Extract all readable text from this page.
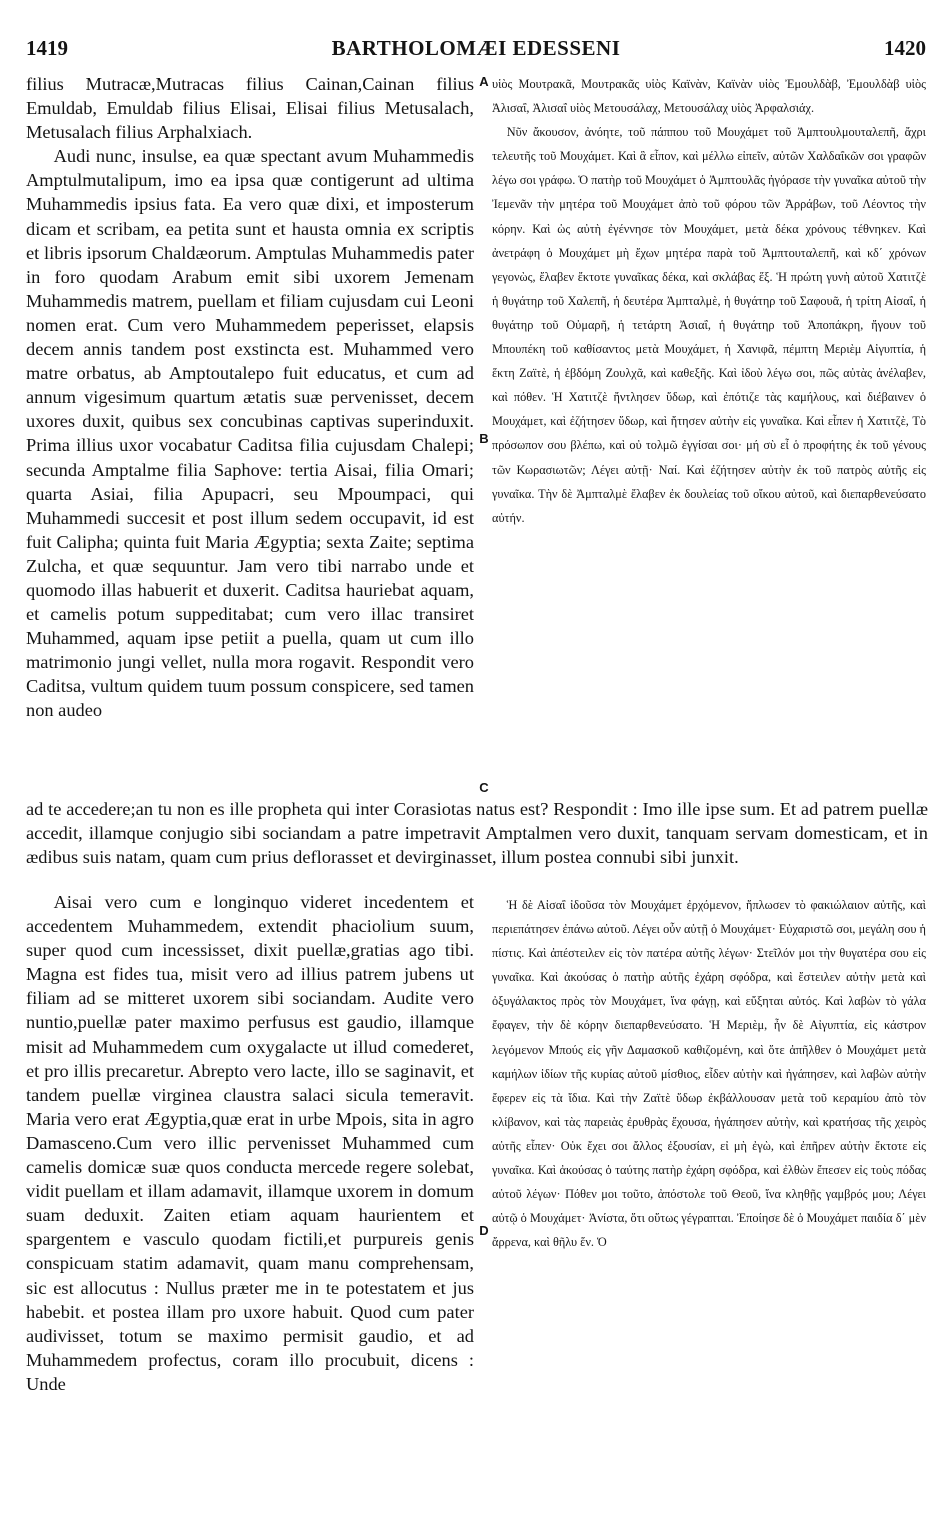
1419	BARTHOLOMÆI EDESSENI	1420

filius Mutracæ,Mutracas filius Cainan,Cainan filius Emuldab, Emuldab filius Elisai, Elisai filius Metusalach, Metusalach filius Arphalxiach.

Audi nunc, insulse, ea quæ spectant avum Muhammedis Amptulmutalipum, imo ea ipsa quæ contigerunt ad ultima Muhammedis ipsius fata. Ea vero quæ dixi, et imposterum dicam et scribam, ea petita sunt et hausta omnia ex scriptis et libris ipsorum Chaldæorum. Amptulas Muhammedis pater in foro quodam Arabum emit sibi uxorem Jemenam Muhammedis matrem, puellam et filiam cujusdam cui Leoni nomen erat. Cum vero Muhammedem peperisset, elapsis decem annis tandem post exstincta est. Muhammed vero matre orbatus, ab Amptoutalepo fuit educatus, et cum ad annum vigesimum quartum ætatis suæ pervenisset, decem uxores duxit, quibus sex concubinas captivas superinduxit. Prima illius uxor vocabatur Caditsa filia cujusdam Chalepi; secunda Amptalme filia Saphove: tertia Aisai, filia Omari; quarta Asiai, filia Apupacri, seu Mpoumpaci, qui Muhammedi succesit et post illum sedem occupavit, id est fuit Calipha; quinta fuit Maria Ægyptia; sexta Zaite; septima Zulcha, et quæ sequuntur. Jam vero tibi narrabo unde et quomodo illas habuerit et duxerit. Caditsa hauriebat aquam, et camelis potum suppeditabat; cum vero illac transiret Muhammed, aquam ipse petiit a puella, quam ut cum illo matrimonio jungi vellet, nulla mora rogavit. Respondit vero Caditsa, vultum quidem tuum possum conspicere, sed tamen non audeo

υἱὸς Μουτρακᾶ, Μουτρακᾶς υἱὸς Καϊνὰν, Καϊνὰν υἱὸς Ἐμουλδὰβ, Ἐμουλδὰβ υἱὸς Ἀλισαΐ, Ἀλισαΐ υἱὸς Μετουσάλαχ, Μετουσάλαχ υἱὸς Ἀρφαλσιάχ.

Νῦν ἄκουσον, ἀνόητε, τοῦ πάππου τοῦ Μουχάμετ τοῦ Ἀμπτουλμουταλεπῆ, ἄχρι τελευτῆς τοῦ Μουχάμετ. Καὶ ἃ εἶπον, καὶ μέλλω εἰπεῖν, αὐτῶν Χαλδαΐκῶν σοι γραφῶν λέγω σοι γράφω. Ὁ πατὴρ τοῦ Μουχάμετ ὁ Ἀμπτουλᾶς ἠγόρασε τὴν γυναῖκα αὐτοῦ τὴν Ἰεμενᾶν τὴν μητέρα τοῦ Μουχάμετ ἀπὸ τοῦ φόρου τῶν Ἀρράβων, τοῦ Λέοντος τὴν κόρην. Καὶ ὡς αὐτὴ ἐγέννησε τὸν Μουχάμετ, μετὰ δέκα χρόνους τέθνηκεν. Καὶ ἀνετράφη ὁ Μουχάμετ μὴ ἔχων μητέρα παρὰ τοῦ Ἀμπτουταλεπῆ, καὶ κδ΄ χρόνων γεγονὼς, ἔλαβεν ἔκτοτε γυναῖκας δέκα, καὶ σκλάβας ἕξ. Ἡ πρώτη γυνὴ αὐτοῦ Χατιτζὲ ἡ θυγάτηρ τοῦ Χαλεπῆ, ἡ δευτέρα Ἀμπταλμὲ, ἡ θυγάτηρ τοῦ Σαφουᾶ, ἡ τρίτη Αἰσαΐ, ἡ θυγάτηρ τοῦ Οὐμαρῆ, ἡ τετάρτη Ἀσιαΐ, ἡ θυγάτηρ τοῦ Ἀποπάκρη, ἤγουν τοῦ Μπουπέκη τοῦ καθίσαντος μετὰ Μουχάμετ, ἡ Χανιφᾶ, πέμπτη Μεριὲμ Αἰγυπτία, ἡ ἕκτη Ζαϊτὲ, ἡ ἑβδόμη Ζουλχᾶ, καὶ καθεξῆς. Καὶ ἰδοὺ λέγω σοι, πῶς αὐτὰς ἀνέλαβεν, καὶ πόθεν. Ἡ Χατιτζὲ ἤντλησεν ὕδωρ, καὶ ἐπότιζε τὰς καμήλους, καὶ διέβαινεν ὁ Μουχάμετ, καὶ ἐζήτησεν ὕδωρ, καὶ ἤτησεν αὐτὴν εἰς γυναῖκα. Καὶ εἶπεν ἡ Χατιτζὲ, Τὸ πρόσωπον σου βλέπω, καὶ οὐ τολμῶ ἐγγίσαι σοι· μή σὺ εἶ ὁ προφήτης ἐκ τοῦ γένους τῶν Κωρασιωτῶν; Λέγει αὐτῇ· Ναί. Καὶ ἐζήτησεν αὐτὴν ἐκ τοῦ πατρὸς αὐτῆς εἰς γυναῖκα. Τὴν δὲ Ἀμπταλμὲ ἔλαβεν ἐκ δουλείας τοῦ οἴκου αὐτοῦ, καὶ διεπαρθενεύσατο αὐτήν.

ad te accedere;an tu non es ille propheta qui inter Corasiotas natus est? Respondit : Imo ille ipse sum. Et ad patrem puellæ accedit, illamque conjugio sibi sociandam a patre impetravit Amptalmen vero duxit, tanquam servam domesticam, et in ædibus suis natam, quam cum prius deflorasset et devirginasset, illum postea connubi sibi junxit.

Aisai vero cum e longinquo videret incedentem et accedentem Muhammedem, extendit phaciolium suum, super quod cum incessisset, dixit puellæ,gratias ago tibi. Magna est fides tua, misit vero ad illius patrem jubens ut filiam ad se mitteret uxorem sibi sociandam. Audite vero nuntio,puellæ pater maximo perfusus est gaudio, illamque misit ad Muhammedem cum oxygalacte ut illud comederet, et pro illis precaretur. Abrepto vero lacte, illo se saginavit, et tandem puellæ virginea claustra salaci sicula temeravit. Maria vero erat Ægyptia,quæ erat in urbe Mpois, sita in agro Damasceno.Cum vero illic pervenisset Muhammed cum camelis domicæ suæ quos conducta mercede regere solebat, vidit puellam et illam adamavit, illamque uxorem in domum suam deduxit. Zaiten etiam aquam haurientem et spargentem e vasculo quodam fictili,et purpureis genis conspicuam statim adamavit, quam manu comprehensam, sic est allocutus : Nullus præter me in te potestatem et jus habebit. et postea illam pro uxore habuit. Quod cum pater audivisset, totum se maximo permisit gaudio, et ad Muhammedem profectus, coram illo procubuit, dicens : Unde

Ἡ δὲ Αἰσαΐ ἰδοῦσα τὸν Μουχάμετ ἐρχόμενον, ἥπλωσεν τὸ φακιώλαιον αὐτῆς, καὶ περιεπάτησεν ἐπάνω αὐτοῦ. Λέγει οὖν αὐτῇ ὁ Μουχάμετ· Εὐχαριστῶ σοι, μεγάλη σου ἡ πίστις. Καὶ ἀπέστειλεν εἰς τὸν πατέρα αὐτῆς λέγων· Στεῖλόν μοι τὴν θυγατέρα σου εἰς γυναῖκα. Καὶ ἀκούσας ὁ πατὴρ αὐτῆς ἐχάρη σφόδρα, καὶ ἔστειλεν αὐτὴν μετὰ καὶ ὀξυγάλακτος πρὸς τὸν Μουχάμετ, ἵνα φάγῃ, καὶ εὔξηται αὐτός. Καὶ λαβὼν τὸ γάλα ἔφαγεν, τὴν δὲ κόρην διεπαρθενεύσατο. Ἡ Μεριὲμ, ἦν δὲ Αἰγυπτία, εἰς κάστρον λεγόμενον Μπούς εἰς γῆν Δαμασκοῦ καθιζομένη, καὶ ὅτε ἀπῆλθεν ὁ Μουχάμετ μετὰ καμήλων ἰδίων τῆς κυρίας αὐτοῦ μίσθιος, εἶδεν αὐτὴν καὶ ἠγάπησεν, καὶ λαβὼν αὐτὴν ἔφερεν εἰς τὰ ἴδια. Καὶ τὴν Ζαϊτὲ ὕδωρ ἐκβάλλουσαν μετὰ τοῦ κεραμίου ἀπὸ τὸν κλίβανον, καὶ τὰς παρειὰς ἐρυθρὰς ἔχουσα, ἠγάπησεν αὐτὴν, καὶ κρατήσας τῆς χειρὸς αὐτῆς εἶπεν· Οὐκ ἔχει σοι ἄλλος ἐξουσίαν, εἰ μὴ ἐγὼ, καὶ ἐπῆρεν αὐτὴν ἔκτοτε εἰς γυναῖκα. Καὶ ἀκούσας ὁ ταύτης πατὴρ ἐχάρη σφόδρα, καὶ ἐλθὼν ἔπεσεν εἰς τοὺς πόδας αὐτοῦ λέγων· Πόθεν μοι τοῦτο, ἀπόστολε τοῦ Θεοῦ, ἵνα κληθῇς γαμβρός μου; Λέγει αὐτῷ ὁ Μουχάμετ· Ἀνίστα, ὅτι οὕτως γέγραπται. Ἐποίησε δὲ ὁ Μουχάμετ παιδία δ΄ μὲν ἄρρενα, καὶ θῆλυ ἕν. Ὁ

A
B
C
D
